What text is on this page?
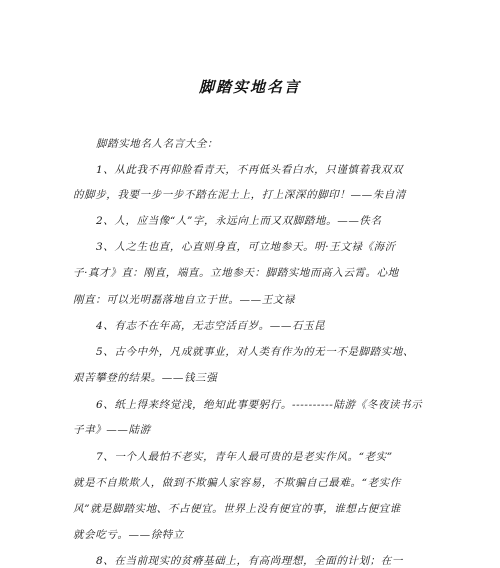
脚踏实地名言
脚踏实地名人名言大全：
1、从此我不再仰脸看青天，不再低头看白水，只谨慎着我双双
的脚步，我要一步一步不踏在泥土上，打上深深的脚印！——朱自清
2、人，应当像“人”字，永远向上而又双脚踏地。——佚名
3、人之生也直，心直则身直，可立地参天。明·王文禄《海沂
子·真才》直：刚直，端直。立地参天：脚踏实地而高入云霄。心地
刚直：可以光明磊落地自立于世。——王文禄
4、有志不在年高，无志空活百岁。——石玉昆
5、古今中外，凡成就事业，对人类有作为的无一不是脚踏实地、
艰苦攀登的结果。——钱三强
6、纸上得来终觉浅，绝知此事要躬行。----------陆游《冬夜读书示
子聿》——陆游
7、一个人最怕不老实，青年人最可贵的是老实作风。“老实”
就是不自欺欺人，做到不欺骗人家容易，不欺骗自己最难。“老实作
风”就是脚踏实地、不占便宜。世界上没有便宜的事，谁想占便宜谁
就会吃亏。——徐特立
8、在当前现实的贫瘠基础上，有高尚理想，全面的计划；在一
